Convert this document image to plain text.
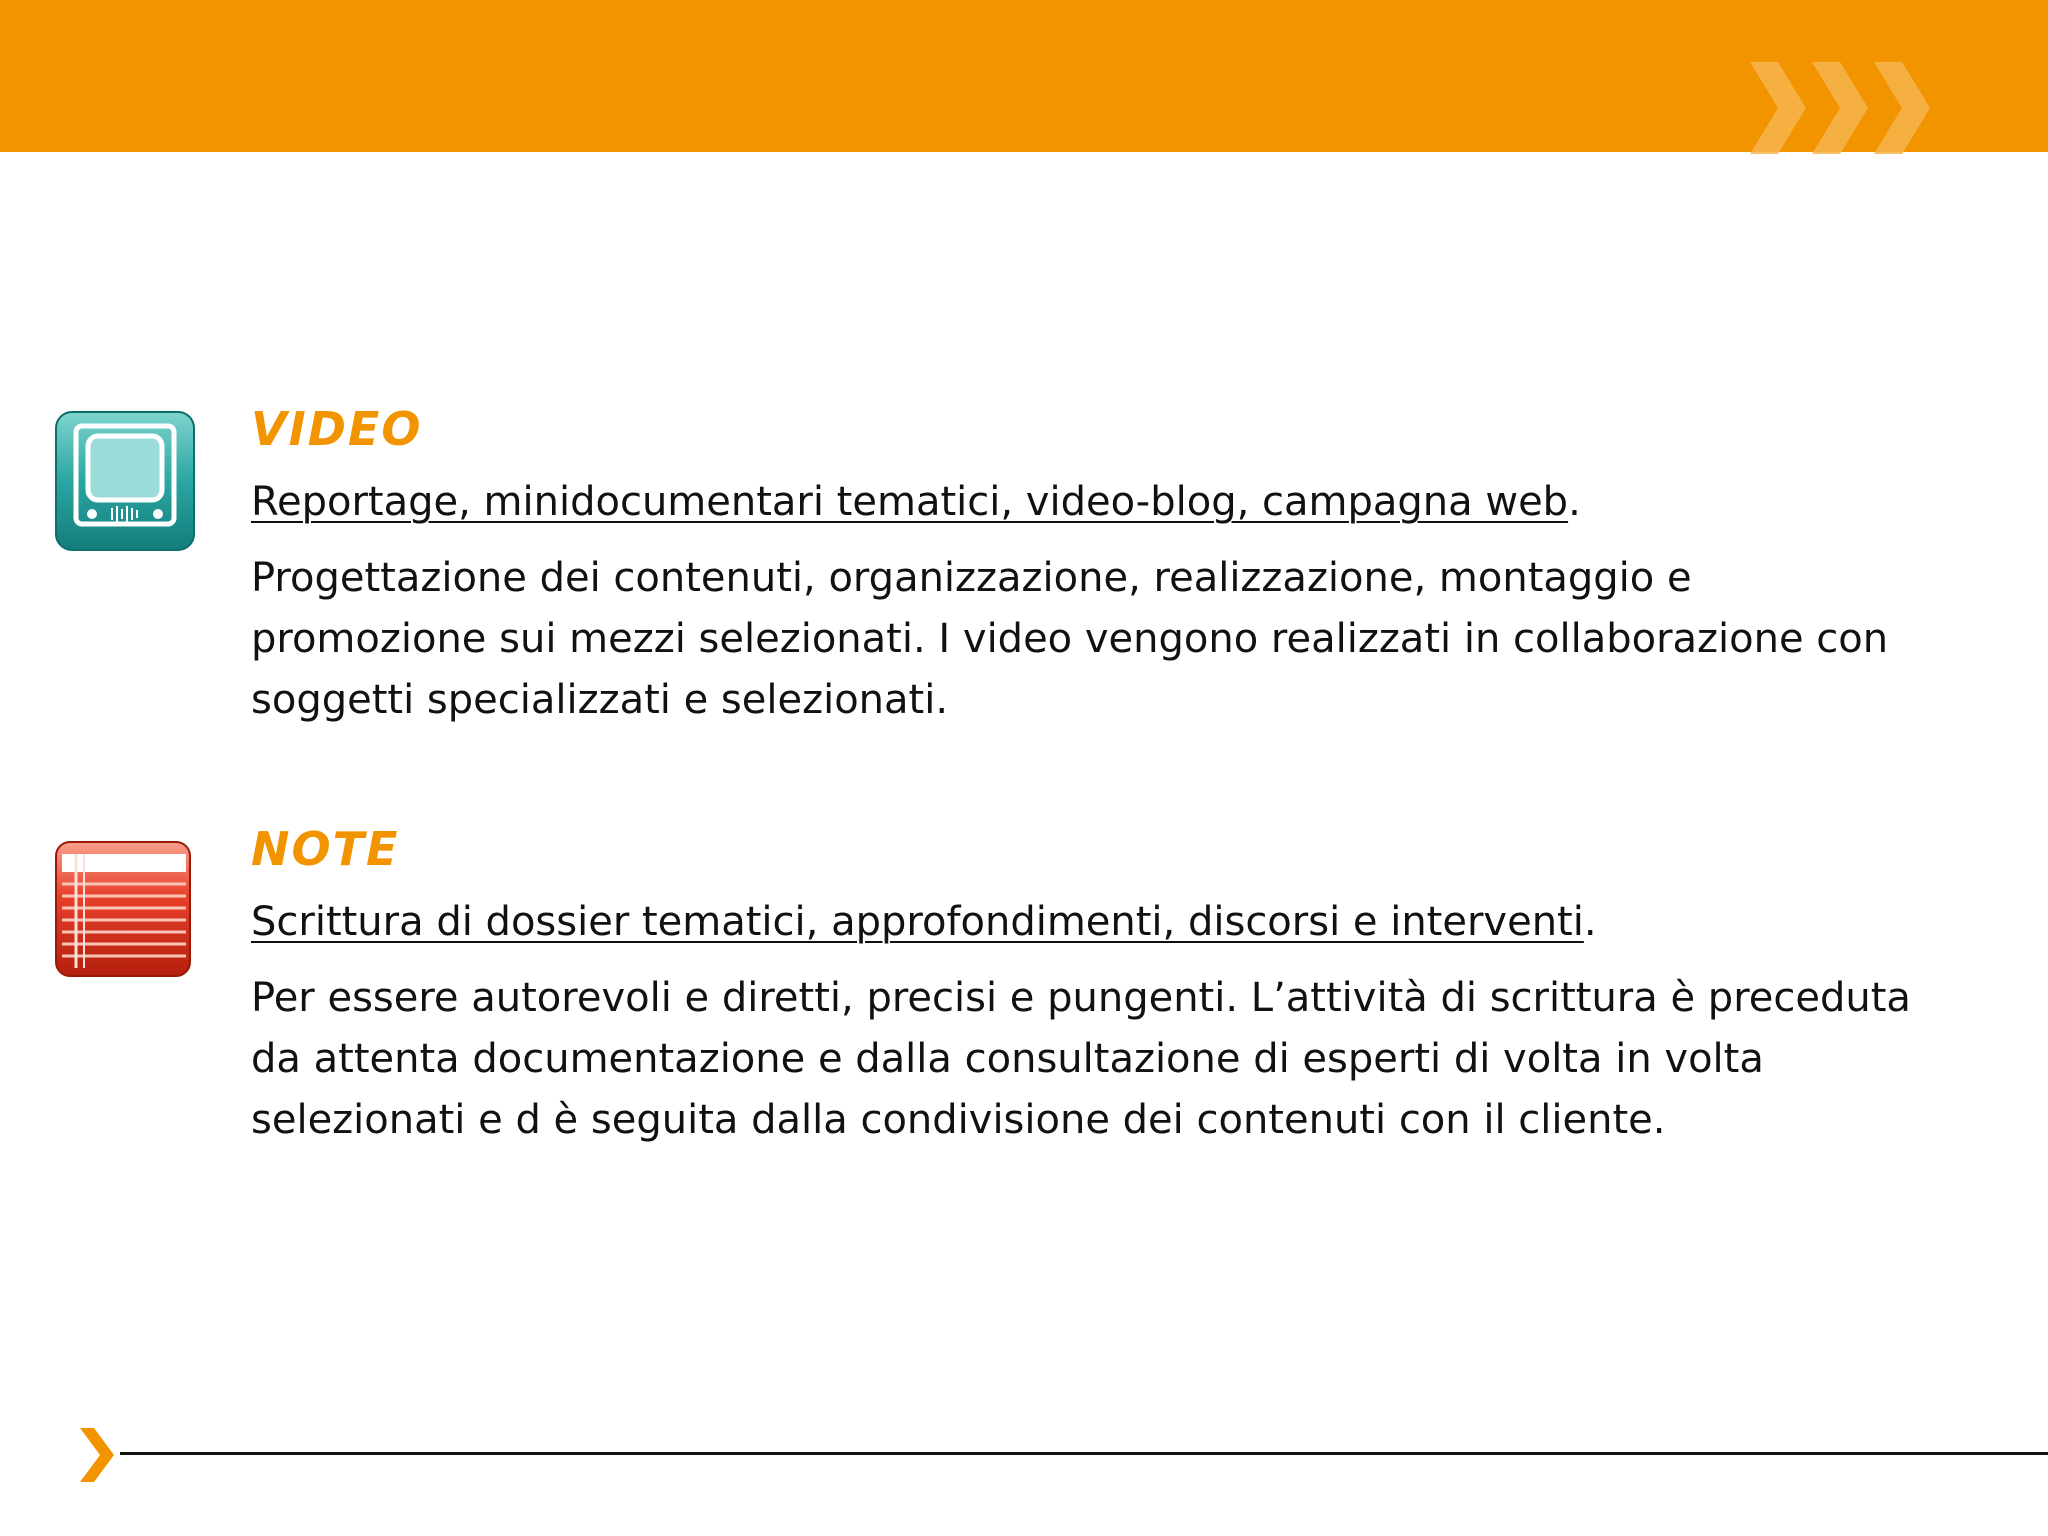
VIDEO

Reportage, minidocumentari tematici, video-blog, campagna web.

Progettazione dei contenuti, organizzazione, realizzazione, montaggio e promozione sui mezzi selezionati. I video vengono realizzati in collaborazione con soggetti specializzati e selezionati.

NOTE

Scrittura di dossier tematici, approfondimenti, discorsi e interventi.

Per essere autorevoli e diretti, precisi e pungenti. L’attività di scrittura è preceduta da attenta documentazione e dalla consultazione di esperti di volta in volta selezionati e d è seguita dalla condivisione dei contenuti con il cliente.
